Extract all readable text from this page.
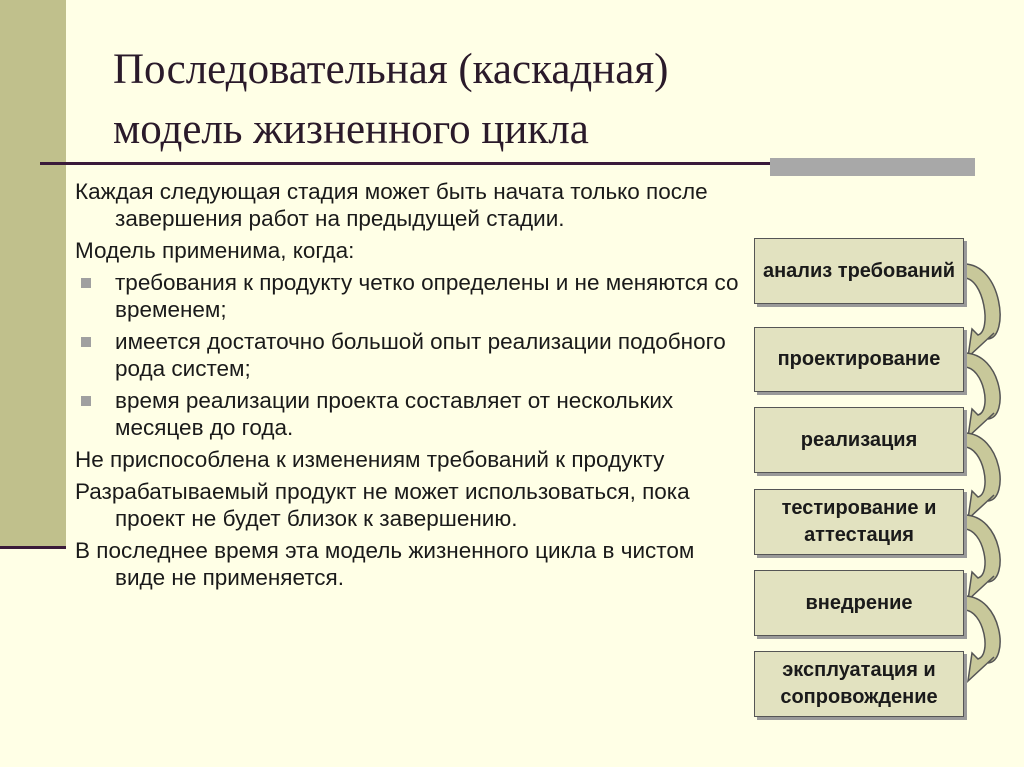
Последовательная (каскадная)
модель жизненного цикла

Каждая следующая стадия может быть начата только после завершения работ на предыдущей стадии.

Модель применима, когда:

требования к продукту четко определены и не меняются со временем;
имеется достаточно большой опыт реализации подобного рода систем;
время реализации проекта составляет от нескольких месяцев до года.

Не приспособлена к изменениям требований к продукту

Разрабатываемый продукт не может использоваться, пока проект не будет близок к завершению.

В последнее время эта модель жизненного цикла в чистом виде не применяется.

анализ требований
проектирование
реализация
тестирование и аттестация
внедрение
эксплуатация и сопровождение
